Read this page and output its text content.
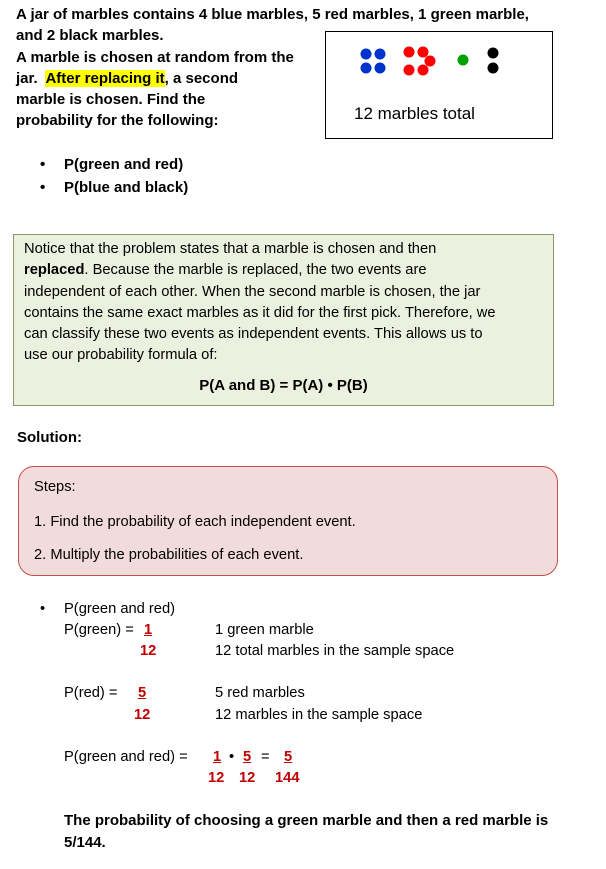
A jar of marbles contains 4 blue marbles, 5 red marbles, 1 green marble,
and 2 black marbles.
A marble is chosen at random from the
jar.  After replacing it, a second
marble is chosen. Find the
probability for the following:	12 marbles total
• P(green and red)
• P(blue and black)
Notice that the problem states that a marble is chosen and then
replaced. Because the marble is replaced, the two events are
independent of each other. When the second marble is chosen, the jar
contains the same exact marbles as it did for the first pick. Therefore, we
can classify these two events as independent events. This allows us to
use our probability formula of:
P(A and B) = P(A) • P(B)
Solution:
Steps:
1. Find the probability of each independent event.
2. Multiply the probabilities of each event.
• P(green and red)
P(green) = 1
12
1 green marble
12 total marbles in the sample space
P(red) = 5
12
5 red marbles
12 marbles in the sample space
P(green and red) = 1 • 5 = 5
12 12 144
The probability of choosing a green marble and then a red marble is
5/144.
